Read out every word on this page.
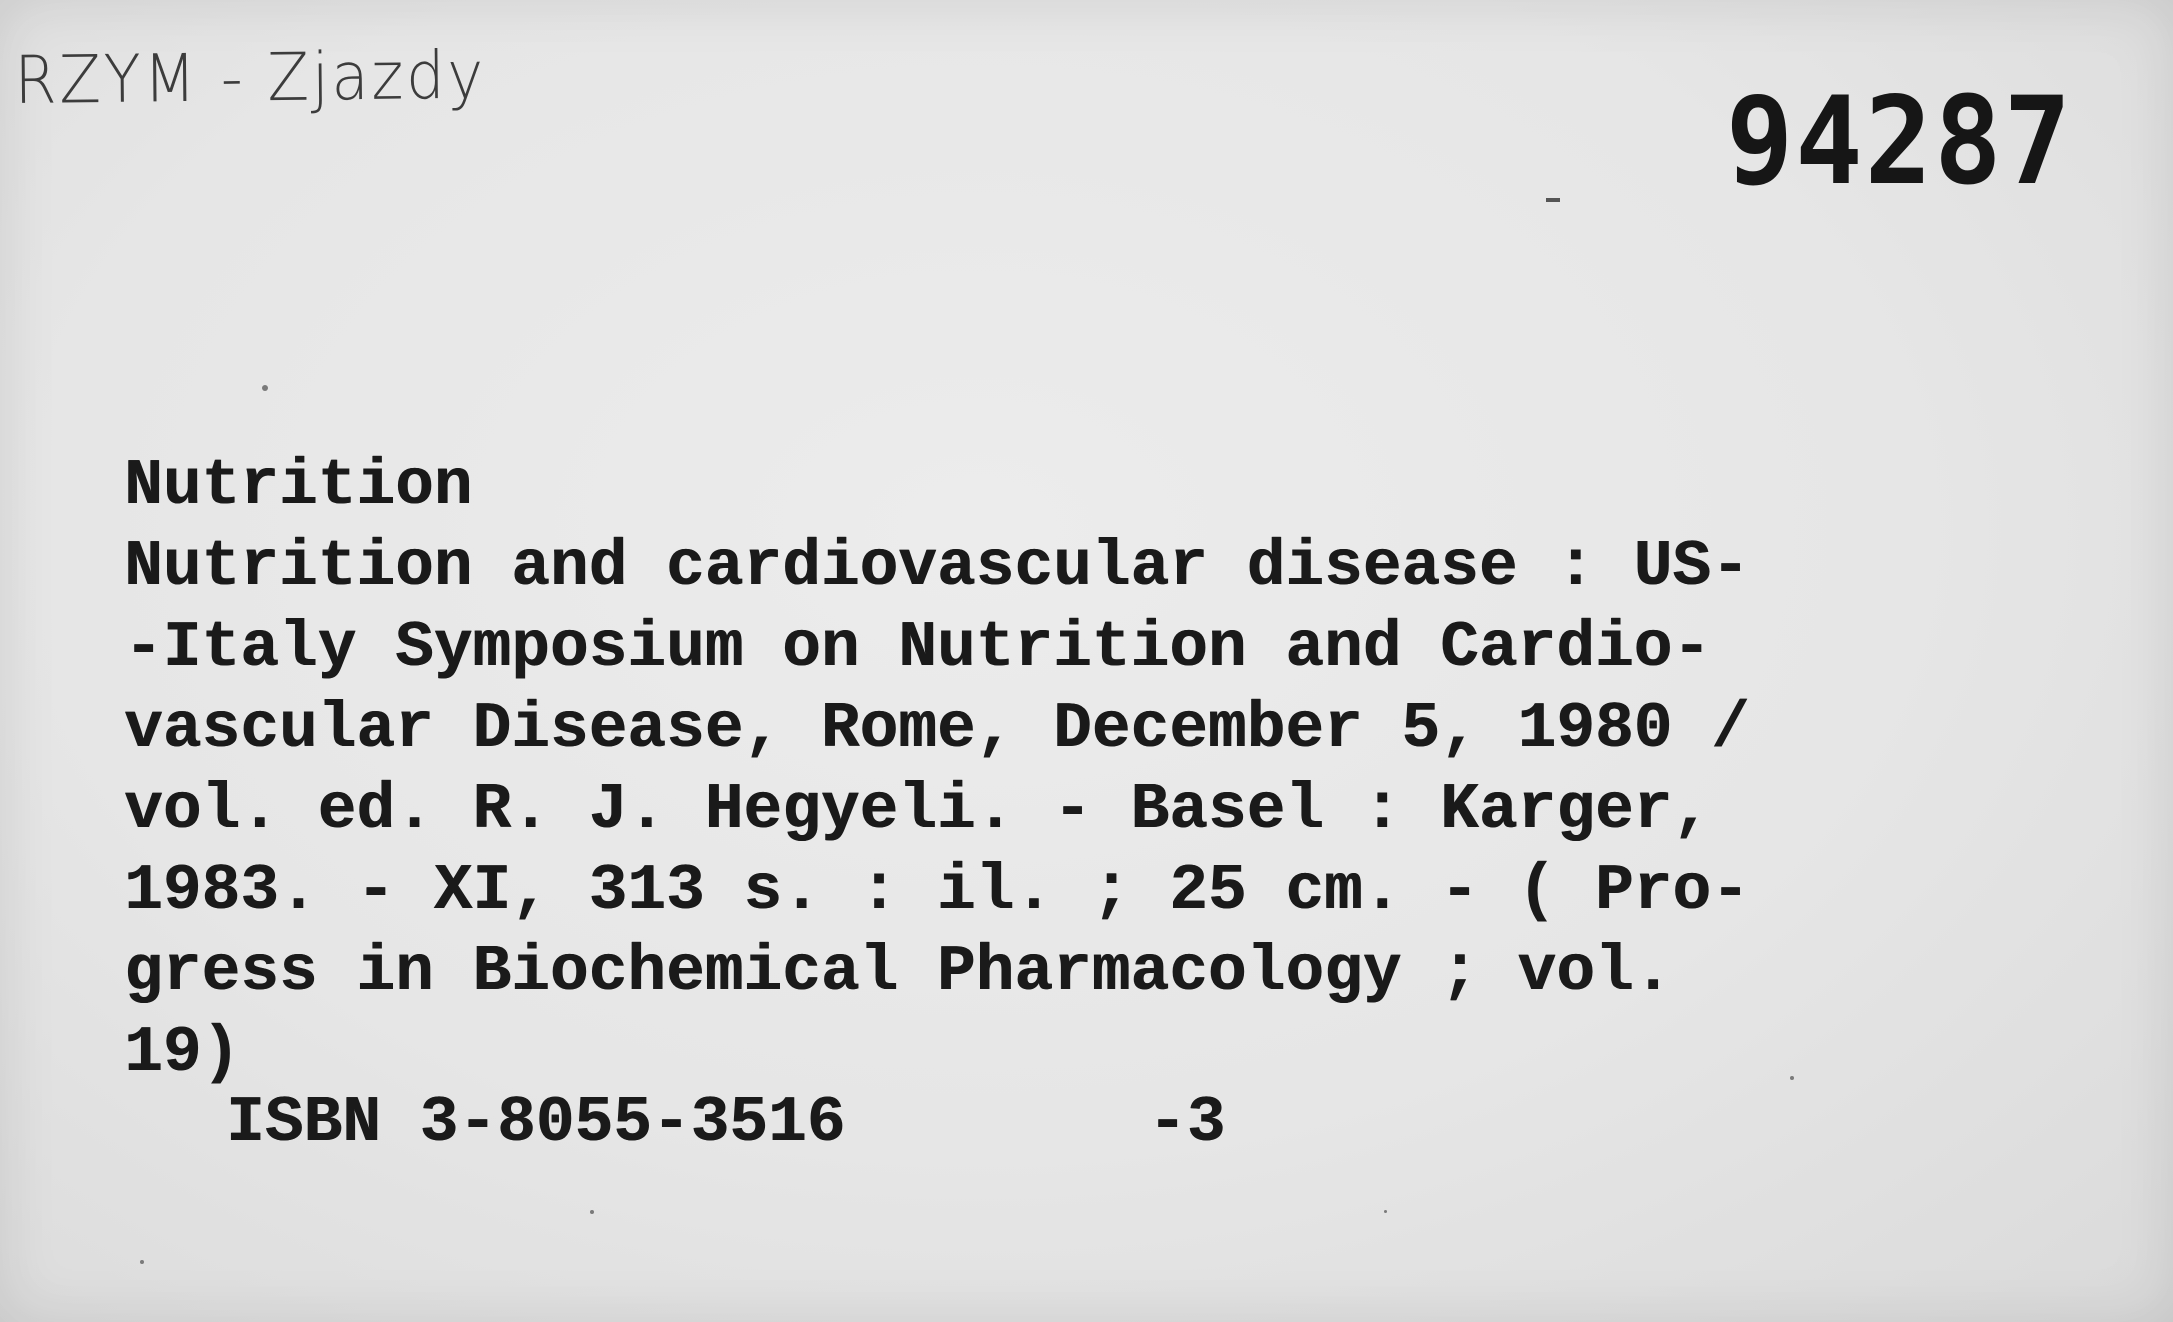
RZYM - Zjazdy	94287
Nutrition
Nutrition and cardiovascular disease : US-
-Italy Symposium on Nutrition and Cardio-
vascular Disease, Rome, December 5, 1980 /
vol. ed. R. J. Hegyeli. - Basel : Karger,
1983. - XI, 313 s. : il. ; 25 cm. - ( Pro-
gress in Biochemical Pharmacology ; vol.
19)
ISBN 3-8055-3516	-3
